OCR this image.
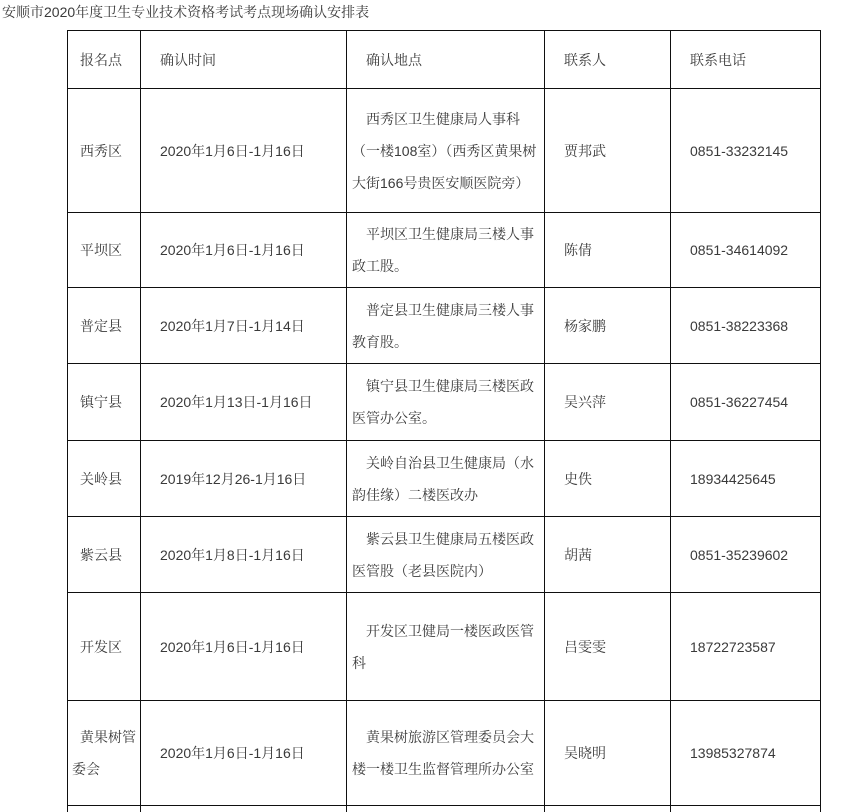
安顺市2020年度卫生专业技术资格考试考点现场确认安排表
报名点	确认时间	确认地点	联系人	联系电话
西秀区	2020年1月6日-1月16日	西秀区卫生健康局人事科（一楼108室）（西秀区黄果树大街166号贵医安顺医院旁）	贾邦武	0851-33232145
平坝区	2020年1月6日-1月16日	平坝区卫生健康局三楼人事政工股。	陈倩	0851-34614092
普定县	2020年1月7日-1月14日	普定县卫生健康局三楼人事教育股。	杨家鹏	0851-38223368
镇宁县	2020年1月13日-1月16日	镇宁县卫生健康局三楼医政医管办公室。	吴兴萍	0851-36227454
关岭县	2019年12月26-1月16日	关岭自治县卫生健康局（水韵佳缘）二楼医改办	史佚	18934425645
紫云县	2020年1月8日-1月16日	紫云县卫生健康局五楼医政医管股（老县医院内）	胡茜	0851-35239602
开发区	2020年1月6日-1月16日	开发区卫健局一楼医政医管科	吕雯雯	18722723587
黄果树管委会	2020年1月6日-1月16日	黄果树旅游区管理委员会大楼一楼卫生监督管理所办公室	吴晓明	13985327874
